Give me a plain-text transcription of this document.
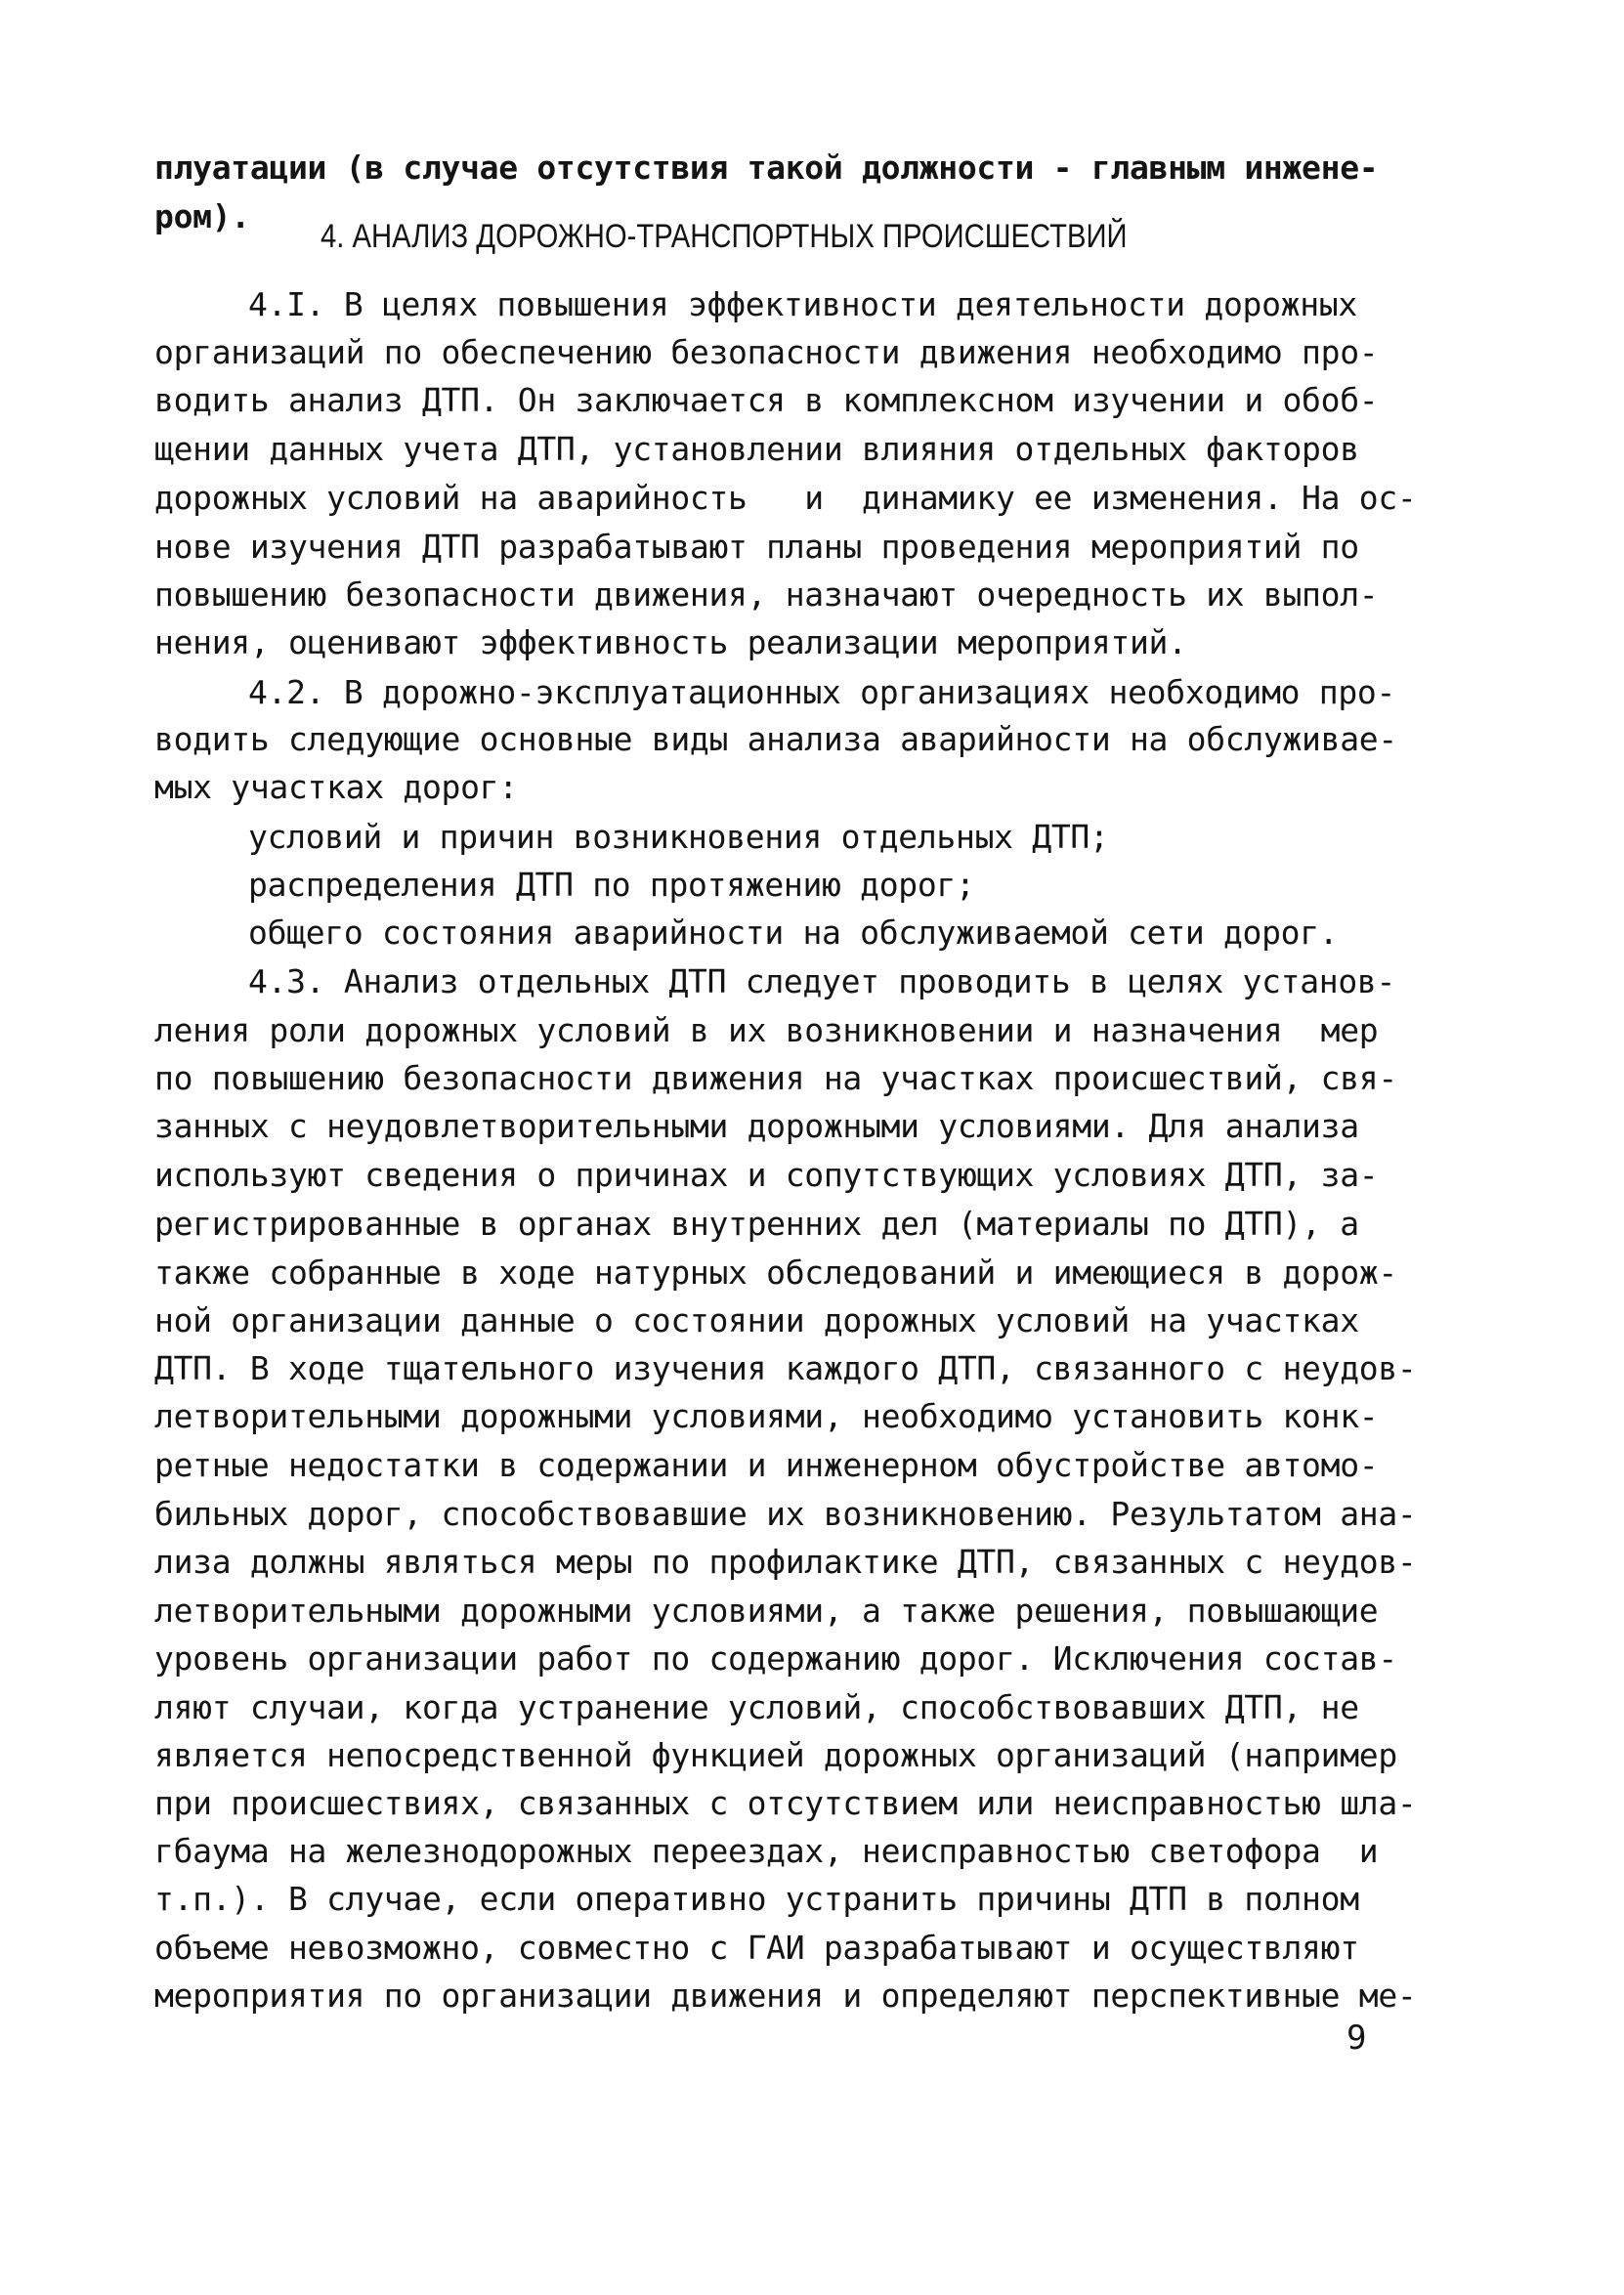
плуатации (в случае отсутствия такой должности - главным инжене-
ром).
4. АНАЛИЗ ДОРОЖНО-ТРАНСПОРТНЫХ ПРОИСШЕСТВИЙ
4.I. В целях повышения эффективности деятельности дорожных
организаций по обеспечению безопасности движения необходимо про-
водить анализ ДТП. Он заключается в комплексном изучении и обоб-
щении данных учета ДТП, установлении влияния отдельных факторов
дорожных условий на аварийность   и  динамику ее изменения. На ос-
нове изучения ДТП разрабатывают планы проведения мероприятий по
повышению безопасности движения, назначают очередность их выпол-
нения, оценивают эффективность реализации мероприятий.
4.2. В дорожно-эксплуатационных организациях необходимо про-
водить следующие основные виды анализа аварийности на обслуживае-
мых участках дорог:
условий и причин возникновения отдельных ДТП;
распределения ДТП по протяжению дорог;
общего состояния аварийности на обслуживаемой сети дорог.
4.3. Анализ отдельных ДТП следует проводить в целях установ-
ления роли дорожных условий в их возникновении и назначения  мер
по повышению безопасности движения на участках происшествий, свя-
занных с неудовлетворительными дорожными условиями. Для анализа
используют сведения о причинах и сопутствующих условиях ДТП, за-
регистрированные в органах внутренних дел (материалы по ДТП), а
также собранные в ходе натурных обследований и имеющиеся в дорож-
ной организации данные о состоянии дорожных условий на участках
ДТП. В ходе тщательного изучения каждого ДТП, связанного с неудов-
летворительными дорожными условиями, необходимо установить конк-
ретные недостатки в содержании и инженерном обустройстве автомо-
бильных дорог, способствовавшие их возникновению. Результатом ана-
лиза должны являться меры по профилактике ДТП, связанных с неудов-
летворительными дорожными условиями, а также решения, повышающие
уровень организации работ по содержанию дорог. Исключения состав-
ляют случаи, когда устранение условий, способствовавших ДТП, не
является непосредственной функцией дорожных организаций (например
при происшествиях, связанных с отсутствием или неисправностью шла-
гбаума на железнодорожных переездах, неисправностью светофора  и
т.п.). В случае, если оперативно устранить причины ДТП в полном
объеме невозможно, совместно с ГАИ разрабатывают и осуществляют
мероприятия по организации движения и определяют перспективные ме-
9
